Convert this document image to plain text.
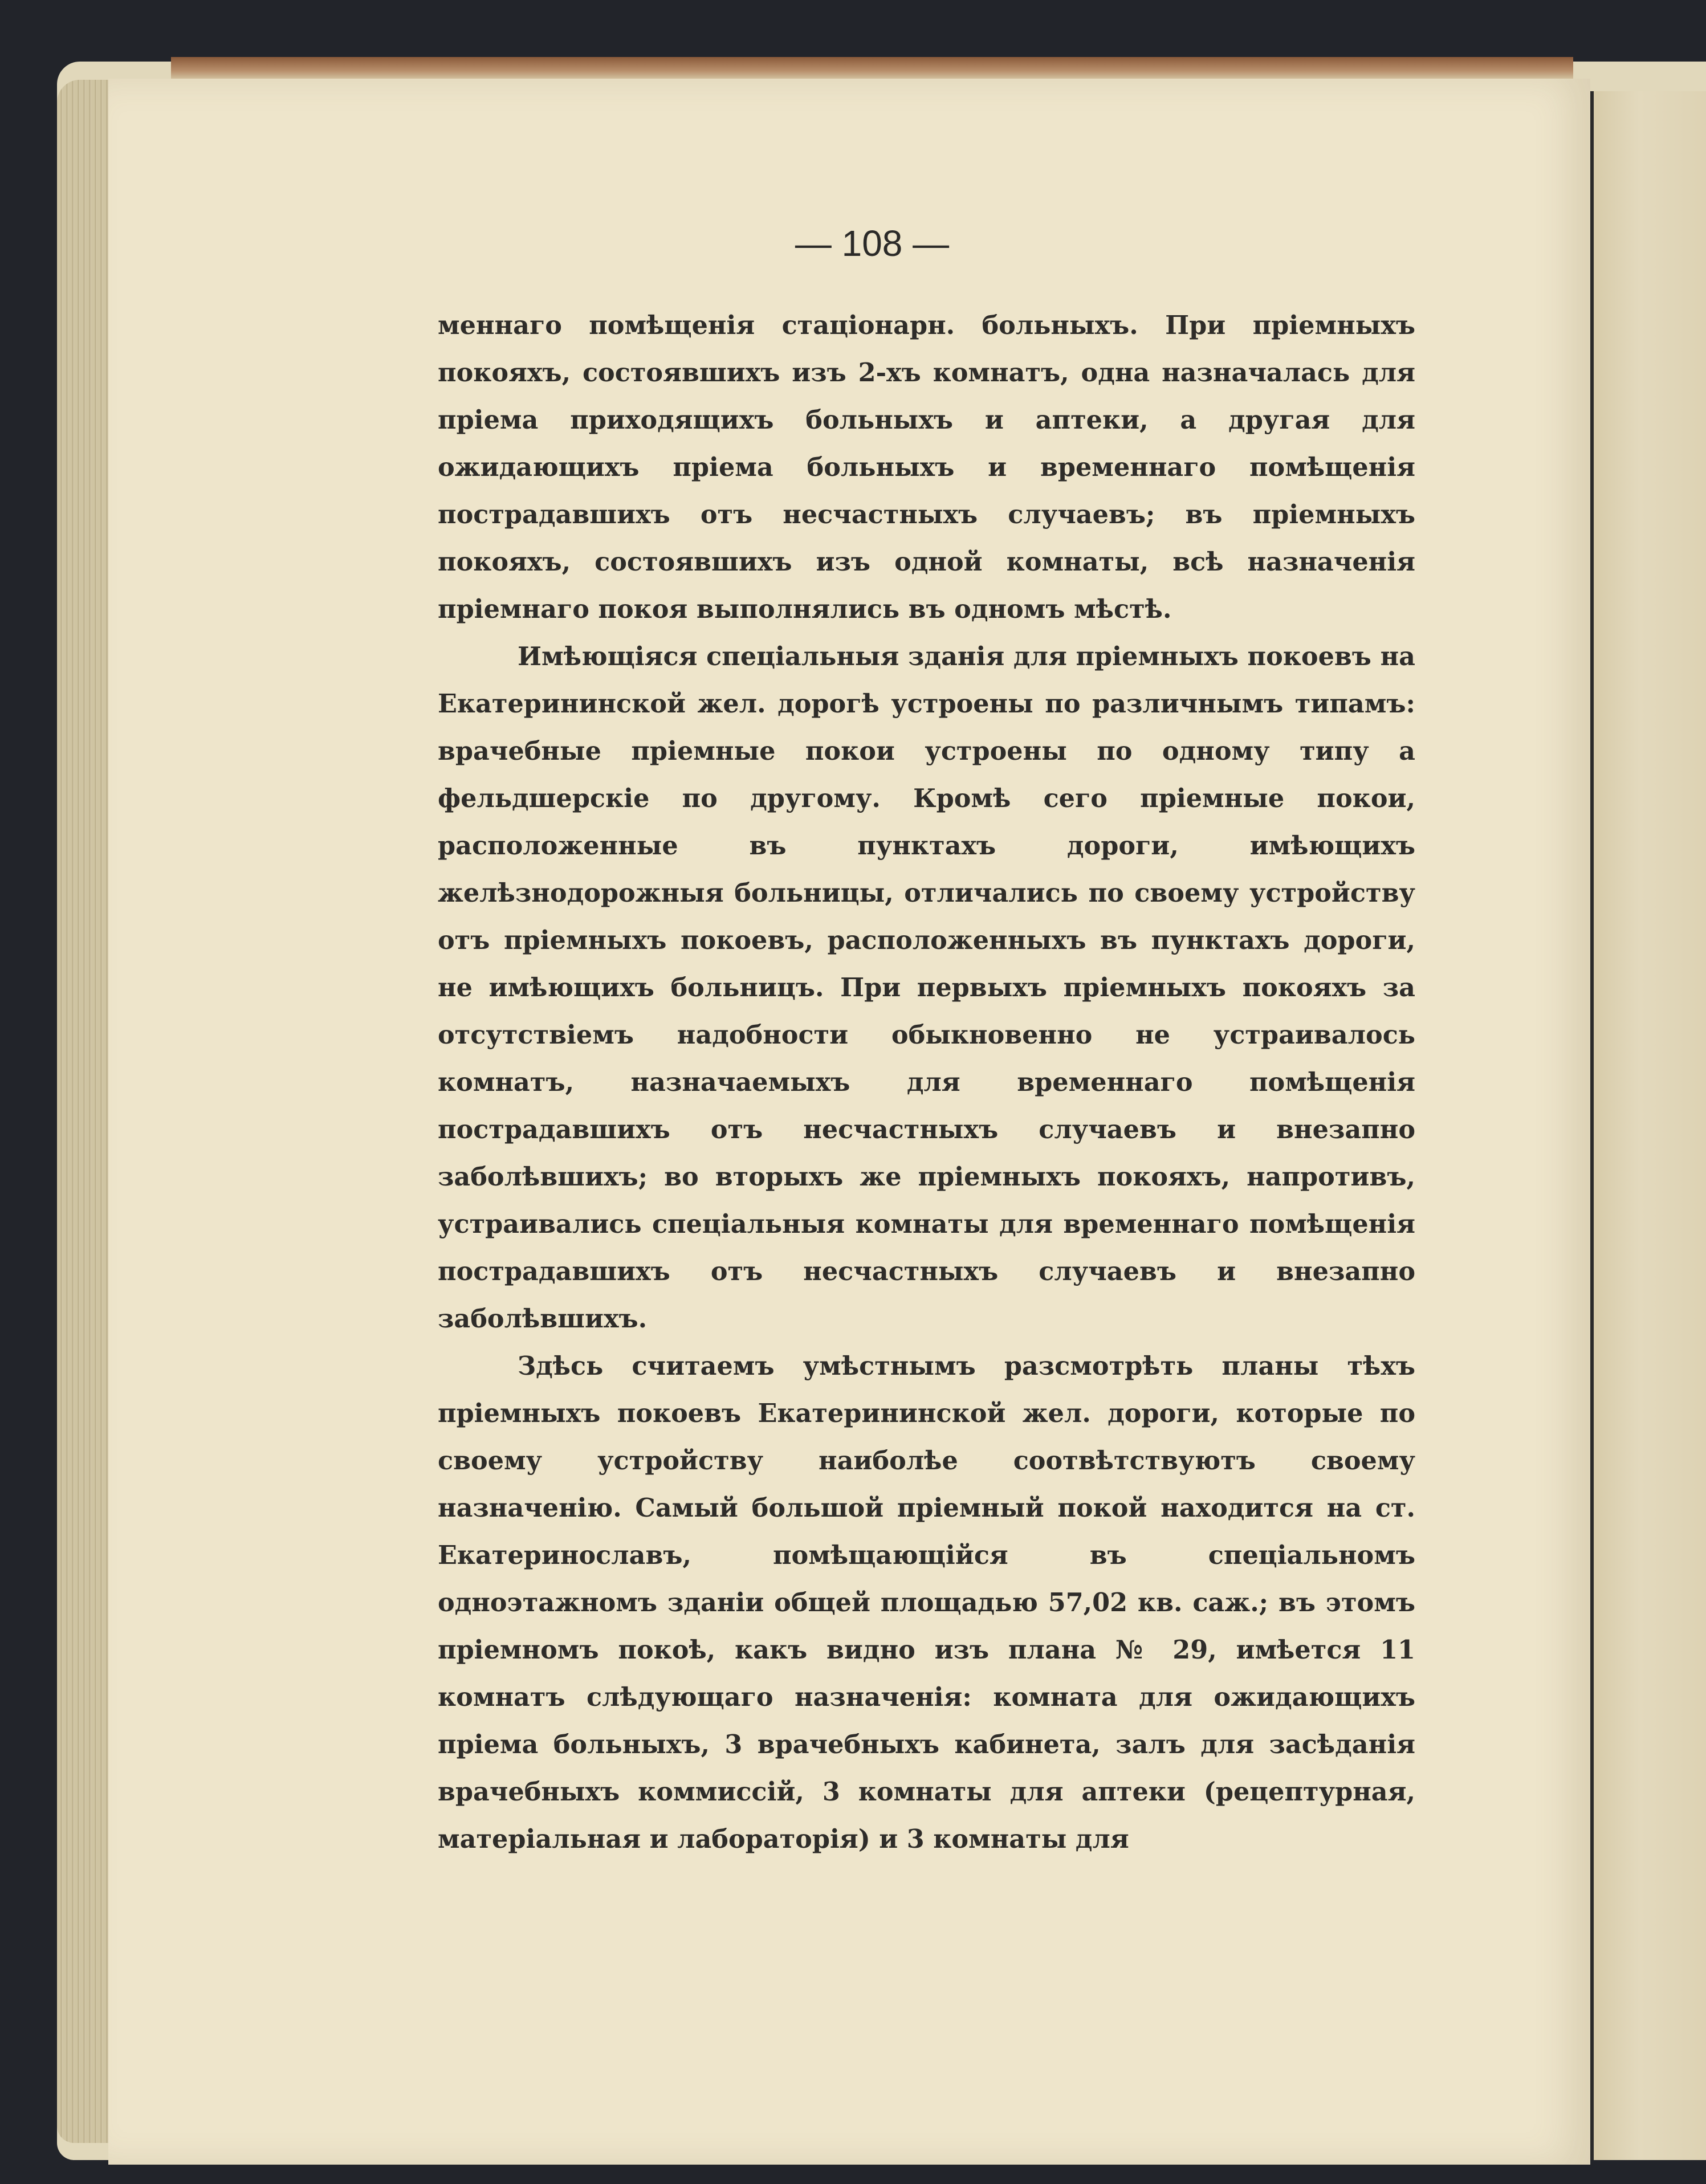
— 108 —

меннаго помѣщенія стаціонарн. больныхъ. При пріемныхъ покояхъ, состоявшихъ изъ 2-хъ комнатъ, одна назначалась для пріема приходящихъ больныхъ и аптеки, а другая для ожидающихъ пріема больныхъ и временнаго помѣщенія пострадавшихъ отъ несчастныхъ случаевъ; въ пріемныхъ покояхъ, состоявшихъ изъ одной комнаты, всѣ назначенія пріемнаго покоя выполнялись въ одномъ мѣстѣ.

Имѣющіяся спеціальныя зданія для пріемныхъ покоевъ на Екатерининской жел. дорогѣ устроены по различнымъ типамъ: врачебные пріемные покои устроены по одному типу а фельдшерскіе по другому. Кромѣ сего пріемные покои, расположенные въ пунктахъ дороги, имѣющихъ желѣзнодорожныя больницы, отличались по своему устройству отъ пріемныхъ покоевъ, расположенныхъ въ пунктахъ дороги, не имѣющихъ больницъ. При первыхъ пріемныхъ покояхъ за отсутствіемъ надобности обыкновенно не устраивалось комнатъ, назначаемыхъ для временнаго помѣщенія пострадавшихъ отъ несчастныхъ случаевъ и внезапно заболѣвшихъ; во вторыхъ же пріемныхъ покояхъ, напротивъ, устраивались спеціальныя комнаты для временнаго помѣщенія пострадавшихъ отъ несчастныхъ случаевъ и внезапно заболѣвшихъ.

Здѣсь считаемъ умѣстнымъ разсмотрѣть планы тѣхъ пріемныхъ покоевъ Екатерининской жел. дороги, которые по своему устройству наиболѣе соотвѣтствуютъ своему назначенію. Самый большой пріемный покой находится на ст. Екатеринославъ, помѣщающійся въ спеціальномъ одноэтажномъ зданіи общей площадью 57,02 кв. саж.; въ этомъ пріемномъ покоѣ, какъ видно изъ плана № 29, имѣется 11 комнатъ слѣдующаго назначенія: комната для ожидающихъ пріема больныхъ, 3 врачебныхъ кабинета, залъ для засѣданія врачебныхъ коммиссій, 3 комнаты для аптеки (рецептурная, матеріальная и лабораторія) и 3 комнаты для
